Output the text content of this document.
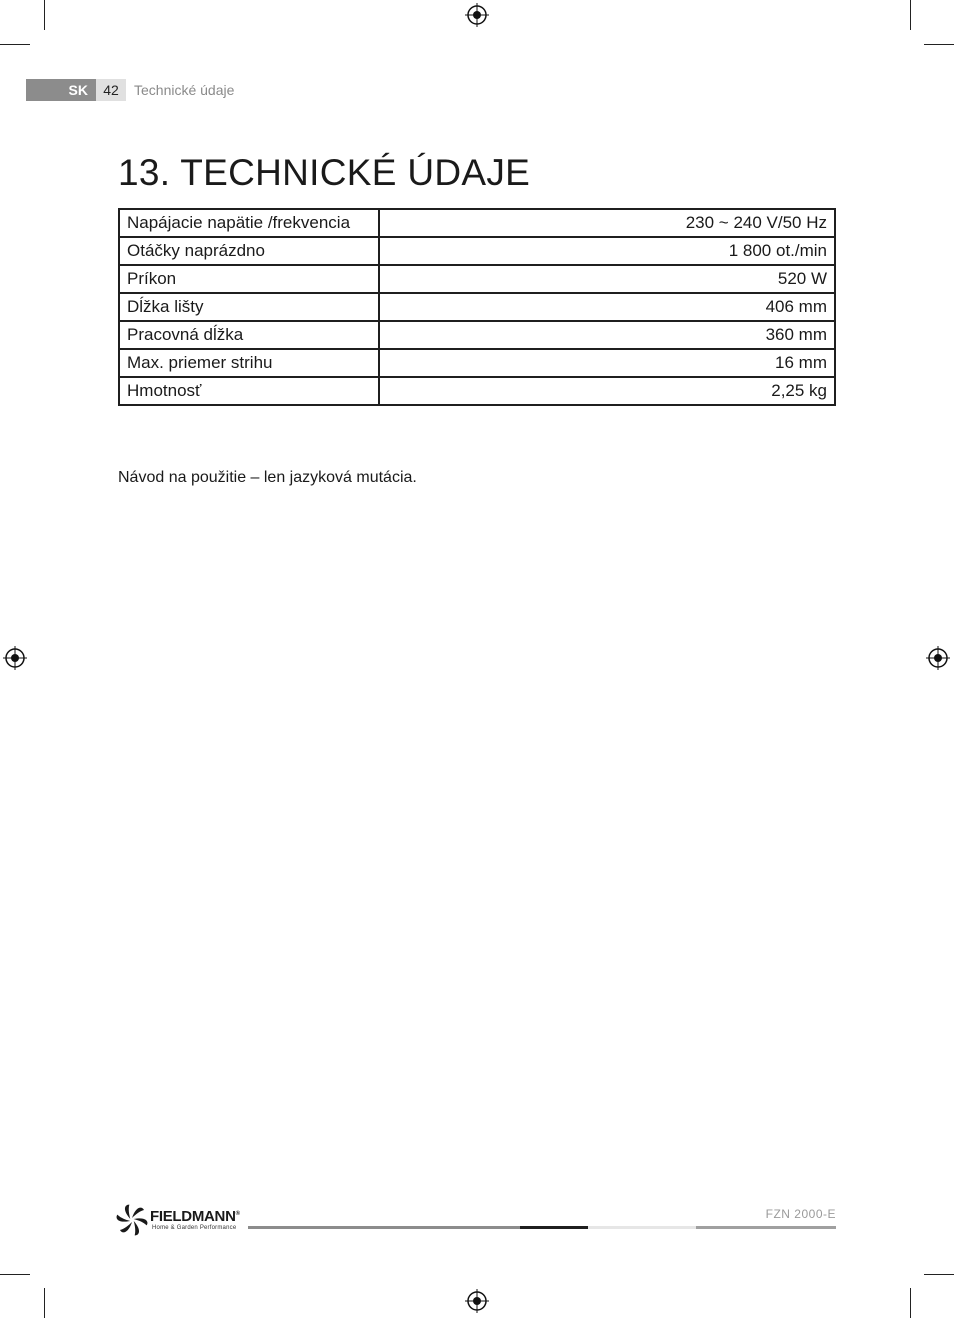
SK	42	Technické údaje
13. TECHNICKÉ ÚDAJE
Napájacie napätie /frekvencia	230 ~ 240 V/50 Hz
Otáčky naprázdno	1 800 ot./min
Príkon	520 W
Dĺžka lišty	406 mm
Pracovná dĺžka	360 mm
Max. priemer strihu	16 mm
Hmotnosť	2,25 kg
Návod na použitie – len jazyková mutácia.
FIELDMANN®
Home & Garden Performance
FZN 2000-E
